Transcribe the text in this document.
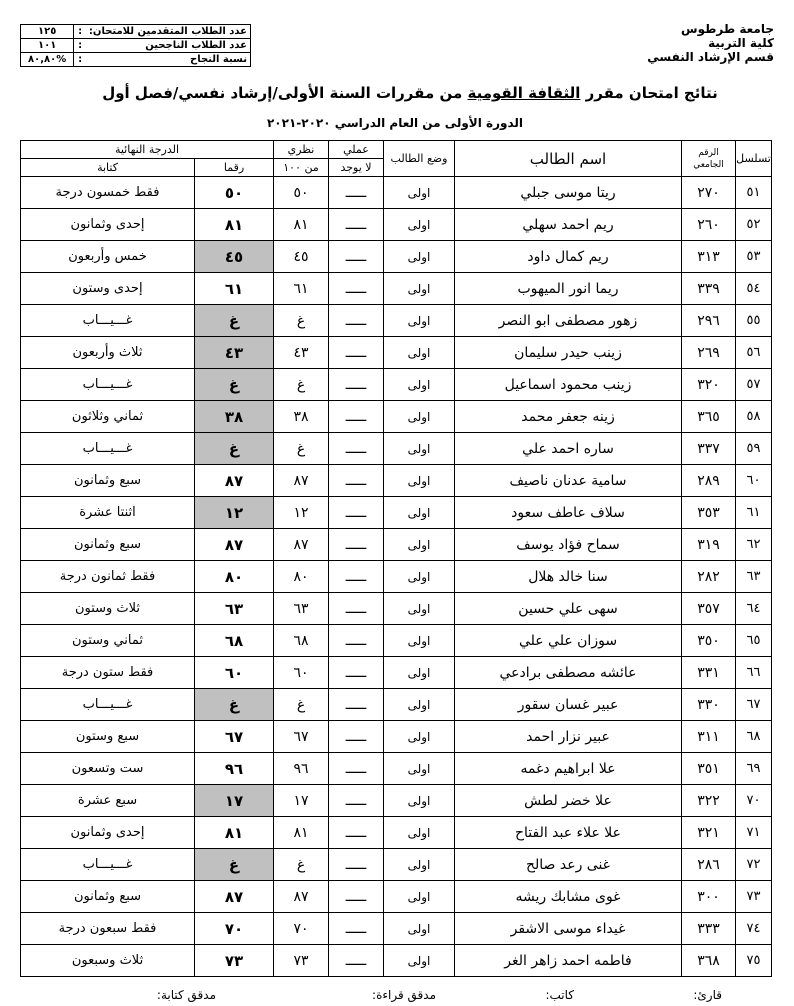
جامعة طرطوس
كلية التربية
قسم الإرشاد النفسي
عدد الطلاب المتقدمين للامتحان:	:	١٢٥
عدد الطلاب الناجحين	:	١٠١
نسبة النجاح	:	%٨٠,٨٠
نتائج امتحان مقرر الثقافة القومية من مقررات السنة الأولى/إرشاد نفسي/فصل أول
الدورة الأولى من العام الدراسي ٢٠٢٠-٢٠٢١
تسلسل	الرقم الجامعي	اسم الطالب	وضع الطالب	عملي	نظري	الدرجة النهائية	
				لا يوجد	من ١٠٠	رقما	كتابة
٥١	٢٧٠	ريتا موسى جبلي	اولى	ـــــ	٥٠	٥٠	فقط خمسون درجة
٥٢	٢٦٠	ريم احمد سهلي	اولى	ـــــ	٨١	٨١	إحدى وثمانون
٥٣	٣١٣	ريم كمال داود	اولى	ـــــ	٤٥	٤٥	خمس وأربعون
٥٤	٣٣٩	ريما انور الميهوب	اولى	ـــــ	٦١	٦١	إحدى وستون
٥٥	٢٩٦	زهور مصطفى ابو النصر	اولى	ـــــ	غ	غ	غـــيـــاب
٥٦	٢٦٩	زينب حيدر سليمان	اولى	ـــــ	٤٣	٤٣	ثلاث وأربعون
٥٧	٣٢٠	زينب محمود اسماعيل	اولى	ـــــ	غ	غ	غـــيـــاب
٥٨	٣٦٥	زينه جعفر محمد	اولى	ـــــ	٣٨	٣٨	ثماني وثلاثون
٥٩	٣٣٧	ساره احمد علي	اولى	ـــــ	غ	غ	غـــيـــاب
٦٠	٢٨٩	سامية عدنان ناصيف	اولى	ـــــ	٨٧	٨٧	سبع وثمانون
٦١	٣٥٣	سلاف عاطف سعود	اولى	ـــــ	١٢	١٢	اثنتا عشرة
٦٢	٣١٩	سماح فؤاد يوسف	اولى	ـــــ	٨٧	٨٧	سبع وثمانون
٦٣	٢٨٢	سنا خالد هلال	اولى	ـــــ	٨٠	٨٠	فقط ثمانون درجة
٦٤	٣٥٧	سهى علي حسين	اولى	ـــــ	٦٣	٦٣	ثلاث وستون
٦٥	٣٥٠	سوزان علي علي	اولى	ـــــ	٦٨	٦٨	ثماني وستون
٦٦	٣٣١	عائشه مصطفى برادعي	اولى	ـــــ	٦٠	٦٠	فقط ستون درجة
٦٧	٣٣٠	عبير غسان سقور	اولى	ـــــ	غ	غ	غـــيـــاب
٦٨	٣١١	عبير نزار احمد	اولى	ـــــ	٦٧	٦٧	سبع وستون
٦٩	٣٥١	علا ابراهيم دغمه	اولى	ـــــ	٩٦	٩٦	ست وتسعون
٧٠	٣٢٢	علا خضر لطش	اولى	ـــــ	١٧	١٧	سبع عشرة
٧١	٣٢١	علا علاء عبد الفتاح	اولى	ـــــ	٨١	٨١	إحدى وثمانون
٧٢	٢٨٦	غنى رعد صالح	اولى	ـــــ	غ	غ	غـــيـــاب
٧٣	٣٠٠	غوى مشابك ريشه	اولى	ـــــ	٨٧	٨٧	سبع وثمانون
٧٤	٣٣٣	غيداء موسى الاشقر	اولى	ـــــ	٧٠	٧٠	فقط سبعون درجة
٧٥	٣٦٨	فاطمه احمد زاهر الغر	اولى	ـــــ	٧٣	٧٣	ثلاث وسبعون
قارئ:
كاتب:
مدقق قراءة:
مدقق كتابة:
